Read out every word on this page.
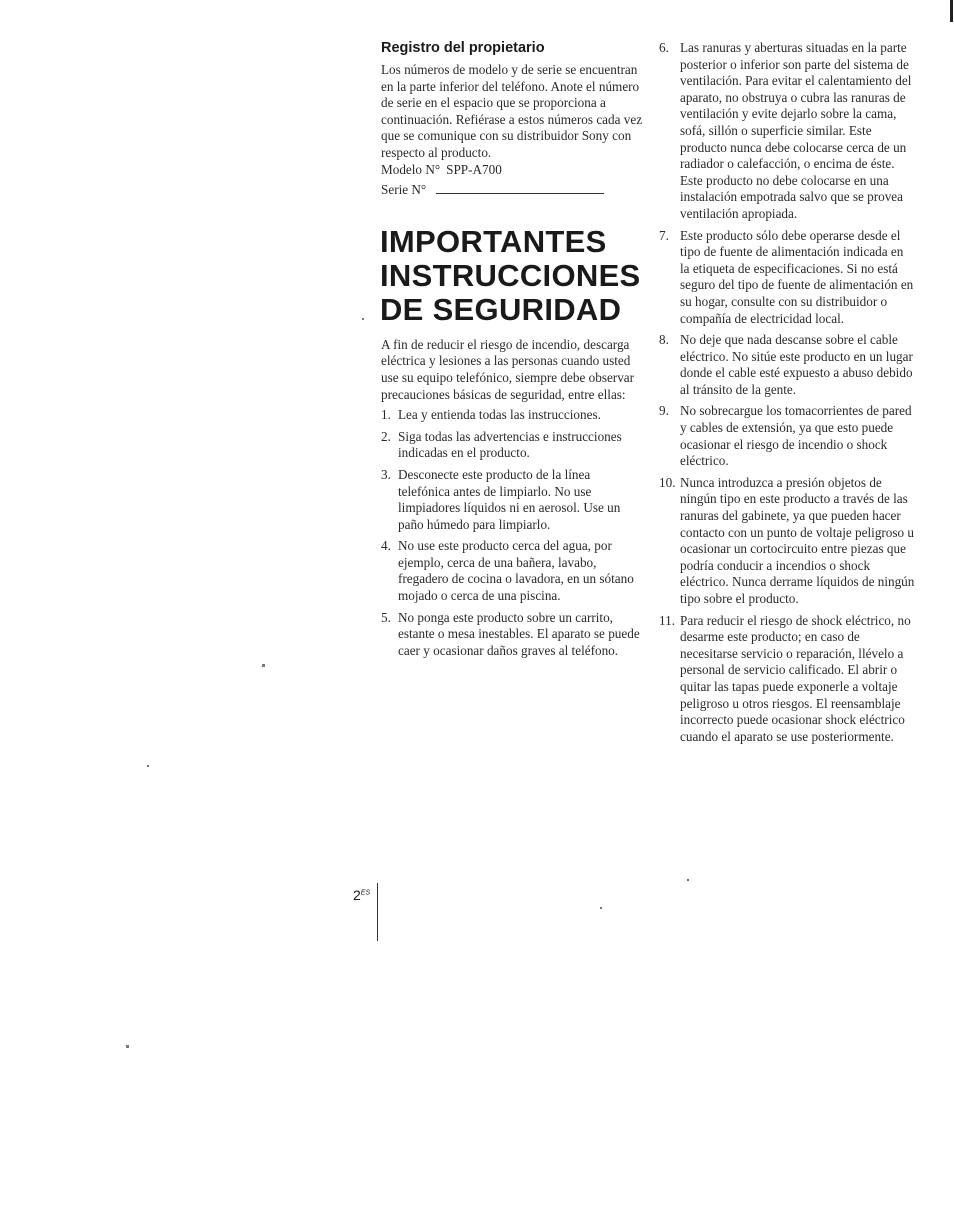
Registro del propietario

Los números de modelo y de serie se encuentran en la parte inferior del teléfono. Anote el número de serie en el espacio que se proporciona a continuación. Refiérase a estos números cada vez que se comunique con su distribuidor Sony con respecto al producto.

Modelo N° SPP-A700

Serie N°

IMPORTANTES
INSTRUCCIONES
DE SEGURIDAD

A fin de reducir el riesgo de incendio, descarga eléctrica y lesiones a las personas cuando usted use su equipo telefónico, siempre debe observar precauciones básicas de seguridad, entre ellas:

1. Lea y entienda todas las instrucciones.
2. Siga todas las advertencias e instrucciones indicadas en el producto.
3. Desconecte este producto de la línea telefónica antes de limpiarlo. No use limpiadores líquidos ni en aerosol. Use un paño húmedo para limpiarlo.
4. No use este producto cerca del agua, por ejemplo, cerca de una bañera, lavabo, fregadero de cocina o lavadora, en un sótano mojado o cerca de una piscina.
5. No ponga este producto sobre un carrito, estante o mesa inestables. El aparato se puede caer y ocasionar daños graves al teléfono.
6. Las ranuras y aberturas situadas en la parte posterior o inferior son parte del sistema de ventilación. Para evitar el calentamiento del aparato, no obstruya o cubra las ranuras de ventilación y evite dejarlo sobre la cama, sofá, sillón o superficie similar. Este producto nunca debe colocarse cerca de un radiador o calefacción, o encima de éste. Este producto no debe colocarse en una instalación empotrada salvo que se provea ventilación apropiada.
7. Este producto sólo debe operarse desde el tipo de fuente de alimentación indicada en la etiqueta de especificaciones. Si no está seguro del tipo de fuente de alimentación en su hogar, consulte con su distribuidor o compañía de electricidad local.
8. No deje que nada descanse sobre el cable eléctrico. No sitúe este producto en un lugar donde el cable esté expuesto a abuso debido al tránsito de la gente.
9. No sobrecargue los tomacorrientes de pared y cables de extensión, ya que esto puede ocasionar el riesgo de incendio o shock eléctrico.
10. Nunca introduzca a presión objetos de ningún tipo en este producto a través de las ranuras del gabinete, ya que pueden hacer contacto con un punto de voltaje peligroso u ocasionar un cortocircuito entre piezas que podría conducir a incendios o shock eléctrico. Nunca derrame líquidos de ningún tipo sobre el producto.
11. Para reducir el riesgo de shock eléctrico, no desarme este producto; en caso de necesitarse servicio o reparación, llévelo a personal de servicio calificado. El abrir o quitar las tapas puede exponerle a voltaje peligroso u otros riesgos. El reensamblaje incorrecto puede ocasionar shock eléctrico cuando el aparato se use posteriormente.
$2^{ES}$
